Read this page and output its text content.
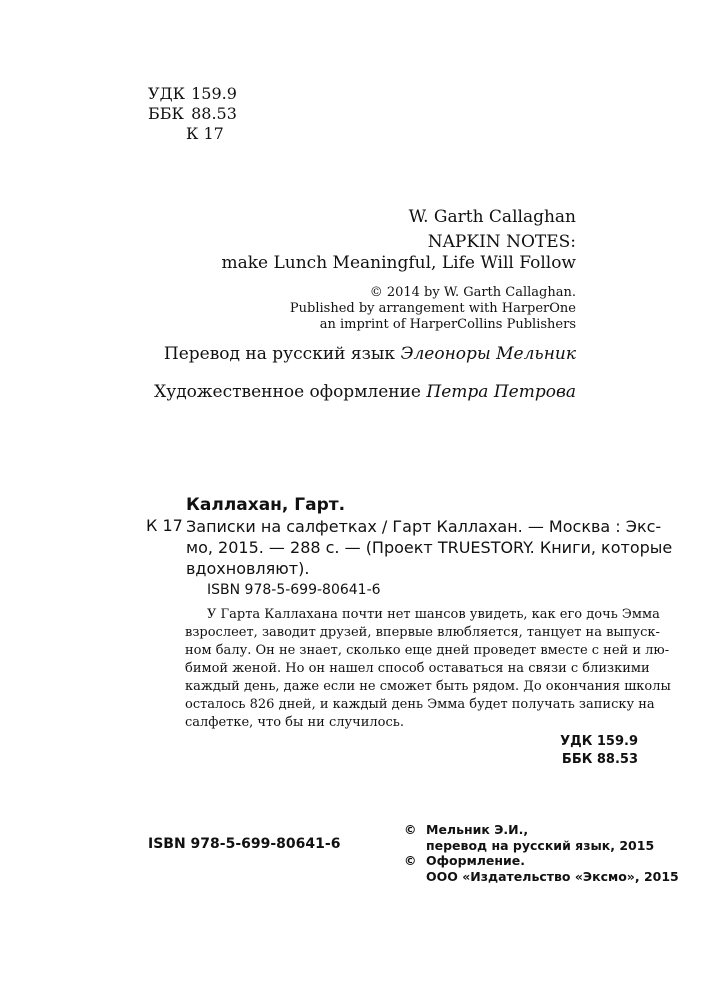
УДК 159.9
ББК 88.53
К 17
W. Garth Callaghan
NAPKIN NOTES:
make Lunch Meaningful, Life Will Follow
© 2014 by W. Garth Callaghan.
Published by arrangement with HarperOne
an imprint of HarperCollins Publishers
Перевод на русский язык Элеоноры Мельник
Художественное оформление Петра Петрова
Каллахан, Гарт.
К 17 Записки на салфетках / Гарт Каллахан. — Москва : Экс-
мо, 2015. — 288 с. — (Проект TRUESTORY. Книги, которые
вдохновляют).
ISBN 978-5-699-80641-6
У Гарта Каллахана почти нет шансов увидеть, как его дочь Эмма
взрослеет, заводит друзей, впервые влюбляется, танцует на выпуск-
ном балу. Он не знает, сколько еще дней проведет вместе с ней и лю-
бимой женой. Но он нашел способ оставаться на связи с близкими
каждый день, даже если не сможет быть рядом. До окончания школы
осталось 826 дней, и каждый день Эмма будет получать записку на
салфетке, что бы ни случилось.
УДК 159.9
ББК 88.53
ISBN 978-5-699-80641-6
© Мельник Э.И.,
перевод на русский язык, 2015
© Оформление.
ООО «Издательство «Эксмо», 2015
